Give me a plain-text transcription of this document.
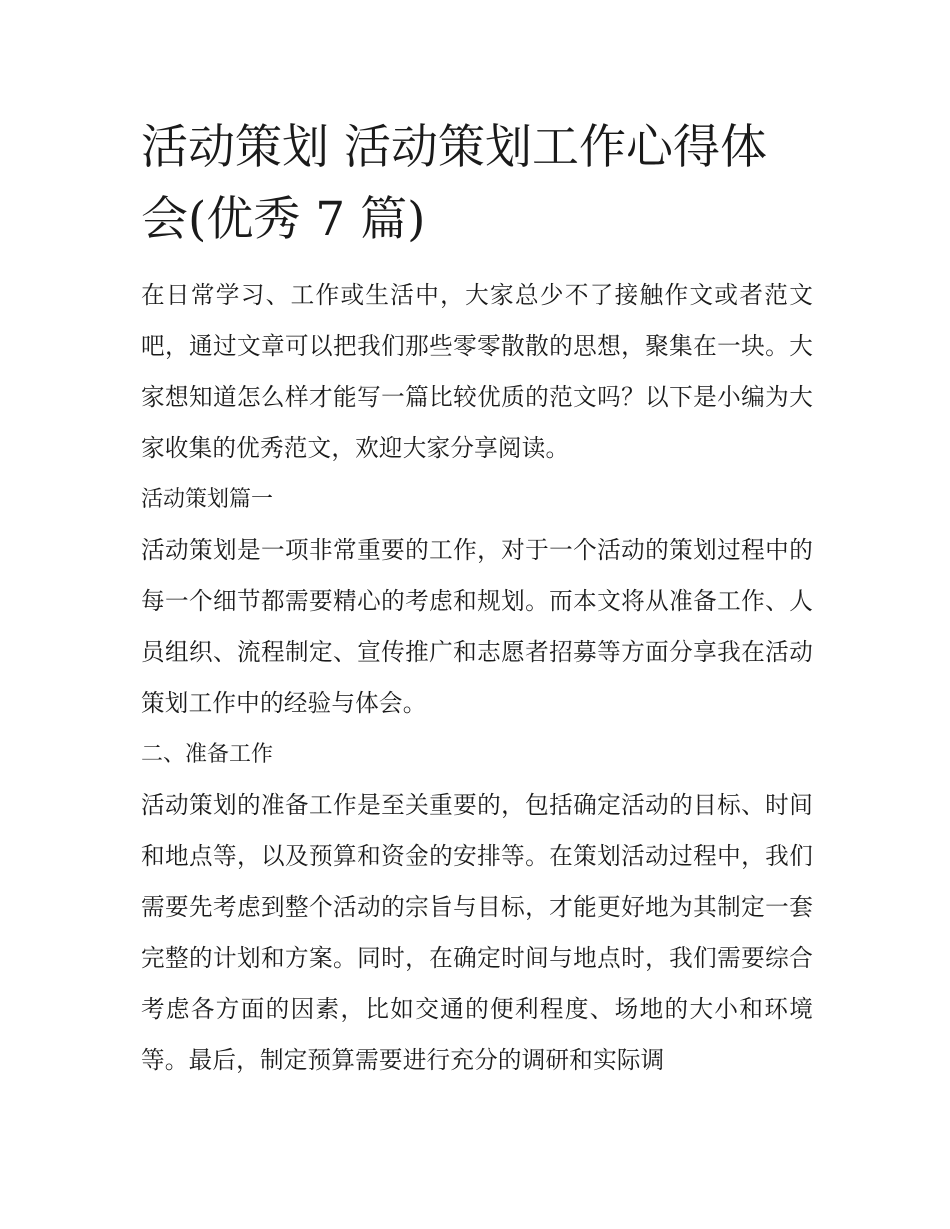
活动策划 活动策划工作心得体会(优秀 7 篇)

在日常学习、工作或生活中，大家总少不了接触作文或者范文吧，通过文章可以把我们那些零零散散的思想，聚集在一块。大家想知道怎么样才能写一篇比较优质的范文吗？以下是小编为大家收集的优秀范文，欢迎大家分享阅读。

活动策划篇一

活动策划是一项非常重要的工作，对于一个活动的策划过程中的每一个细节都需要精心的考虑和规划。而本文将从准备工作、人员组织、流程制定、宣传推广和志愿者招募等方面分享我在活动策划工作中的经验与体会。

二、准备工作

活动策划的准备工作是至关重要的，包括确定活动的目标、时间和地点等，以及预算和资金的安排等。在策划活动过程中，我们需要先考虑到整个活动的宗旨与目标，才能更好地为其制定一套完整的计划和方案。同时，在确定时间与地点时，我们需要综合考虑各方面的因素，比如交通的便利程度、场地的大小和环境等。最后，制定预算需要进行充分的调研和实际调
